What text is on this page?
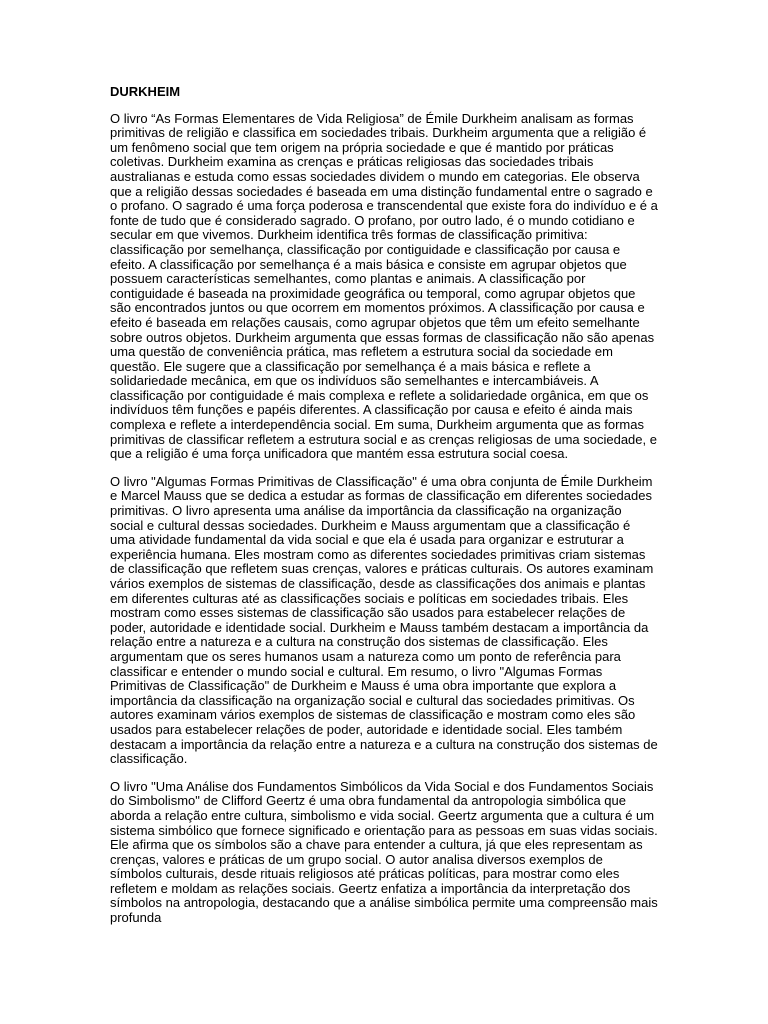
DURKHEIM

O livro “As Formas Elementares de Vida Religiosa” de Émile Durkheim analisam as formas primitivas de religião e classifica em sociedades tribais. Durkheim argumenta que a religião é um fenômeno social que tem origem na própria sociedade e que é mantido por práticas coletivas. Durkheim examina as crenças e práticas religiosas das sociedades tribais australianas e estuda como essas sociedades dividem o mundo em categorias. Ele observa que a religião dessas sociedades é baseada em uma distinção fundamental entre o sagrado e o profano. O sagrado é uma força poderosa e transcendental que existe fora do indivíduo e é a fonte de tudo que é considerado sagrado. O profano, por outro lado, é o mundo cotidiano e secular em que vivemos. Durkheim identifica três formas de classificação primitiva: classificação por semelhança, classificação por contiguidade e classificação por causa e efeito. A classificação por semelhança é a mais básica e consiste em agrupar objetos que possuem características semelhantes, como plantas e animais. A classificação por contiguidade é baseada na proximidade geográfica ou temporal, como agrupar objetos que são encontrados juntos ou que ocorrem em momentos próximos. A classificação por causa e efeito é baseada em relações causais, como agrupar objetos que têm um efeito semelhante sobre outros objetos. Durkheim argumenta que essas formas de classificação não são apenas uma questão de conveniência prática, mas refletem a estrutura social da sociedade em questão. Ele sugere que a classificação por semelhança é a mais básica e reflete a solidariedade mecânica, em que os indivíduos são semelhantes e intercambiáveis. A classificação por contiguidade é mais complexa e reflete a solidariedade orgânica, em que os indivíduos têm funções e papéis diferentes. A classificação por causa e efeito é ainda mais complexa e reflete a interdependência social. Em suma, Durkheim argumenta que as formas primitivas de classificar refletem a estrutura social e as crenças religiosas de uma sociedade, e que a religião é uma força unificadora que mantém essa estrutura social coesa.

O livro "Algumas Formas Primitivas de Classificação" é uma obra conjunta de Émile Durkheim e Marcel Mauss que se dedica a estudar as formas de classificação em diferentes sociedades primitivas. O livro apresenta uma análise da importância da classificação na organização social e cultural dessas sociedades. Durkheim e Mauss argumentam que a classificação é uma atividade fundamental da vida social e que ela é usada para organizar e estruturar a experiência humana. Eles mostram como as diferentes sociedades primitivas criam sistemas de classificação que refletem suas crenças, valores e práticas culturais. Os autores examinam vários exemplos de sistemas de classificação, desde as classificações dos animais e plantas em diferentes culturas até as classificações sociais e políticas em sociedades tribais. Eles mostram como esses sistemas de classificação são usados para estabelecer relações de poder, autoridade e identidade social. Durkheim e Mauss também destacam a importância da relação entre a natureza e a cultura na construção dos sistemas de classificação. Eles argumentam que os seres humanos usam a natureza como um ponto de referência para classificar e entender o mundo social e cultural. Em resumo, o livro "Algumas Formas Primitivas de Classificação" de Durkheim e Mauss é uma obra importante que explora a importância da classificação na organização social e cultural das sociedades primitivas. Os autores examinam vários exemplos de sistemas de classificação e mostram como eles são usados para estabelecer relações de poder, autoridade e identidade social. Eles também destacam a importância da relação entre a natureza e a cultura na construção dos sistemas de classificação.

O livro "Uma Análise dos Fundamentos Simbólicos da Vida Social e dos Fundamentos Sociais do Simbolismo" de Clifford Geertz é uma obra fundamental da antropologia simbólica que aborda a relação entre cultura, simbolismo e vida social. Geertz argumenta que a cultura é um sistema simbólico que fornece significado e orientação para as pessoas em suas vidas sociais. Ele afirma que os símbolos são a chave para entender a cultura, já que eles representam as crenças, valores e práticas de um grupo social. O autor analisa diversos exemplos de símbolos culturais, desde rituais religiosos até práticas políticas, para mostrar como eles refletem e moldam as relações sociais. Geertz enfatiza a importância da interpretação dos símbolos na antropologia, destacando que a análise simbólica permite uma compreensão mais profunda
